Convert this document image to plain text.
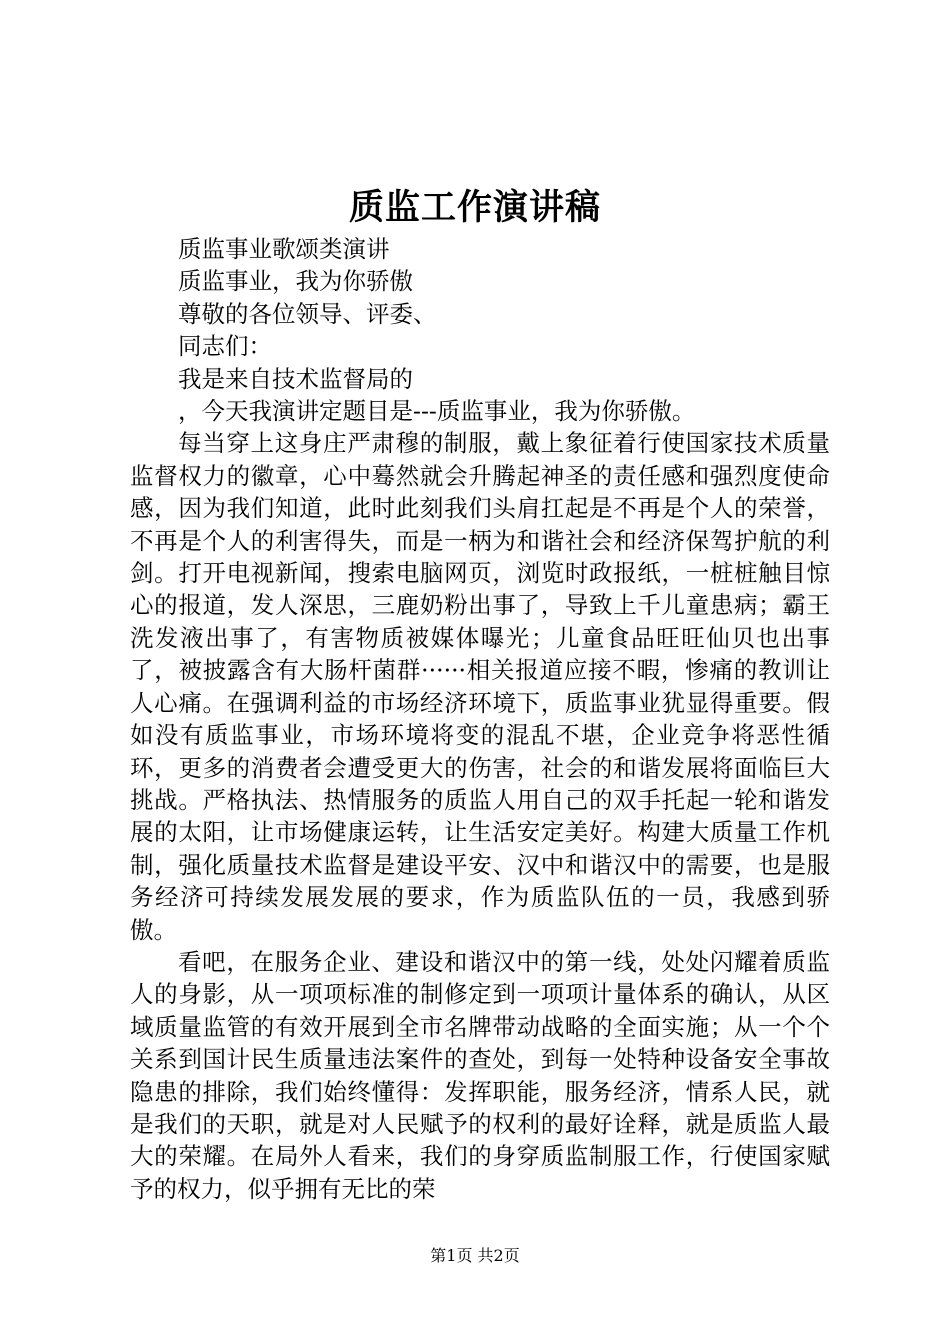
质监工作演讲稿

质监事业歌颂类演讲

质监事业，我为你骄傲

尊敬的各位领导、评委、

同志们：

我是来自技术监督局的

，今天我演讲定题目是---质监事业，我为你骄傲。

每当穿上这身庄严肃穆的制服，戴上象征着行使国家技术质量监督权力的徽章，心中蓦然就会升腾起神圣的责任感和强烈度使命感，因为我们知道，此时此刻我们头肩扛起是不再是个人的荣誉，不再是个人的利害得失，而是一柄为和谐社会和经济保驾护航的利剑。打开电视新闻，搜索电脑网页，浏览时政报纸，一桩桩触目惊心的报道，发人深思，三鹿奶粉出事了，导致上千儿童患病；霸王洗发液出事了，有害物质被媒体曝光；儿童食品旺旺仙贝也出事了，被披露含有大肠杆菌群······相关报道应接不暇，惨痛的教训让人心痛。在强调利益的市场经济环境下，质监事业犹显得重要。假如没有质监事业，市场环境将变的混乱不堪，企业竞争将恶性循环，更多的消费者会遭受更大的伤害，社会的和谐发展将面临巨大挑战。严格执法、热情服务的质监人用自己的双手托起一轮和谐发展的太阳，让市场健康运转，让生活安定美好。构建大质量工作机制，强化质量技术监督是建设平安、汉中和谐汉中的需要，也是服务经济可持续发展发展的要求，作为质监队伍的一员，我感到骄傲。

看吧，在服务企业、建设和谐汉中的第一线，处处闪耀着质监人的身影，从一项项标准的制修定到一项项计量体系的确认，从区域质量监管的有效开展到全市名牌带动战略的全面实施；从一个个关系到国计民生质量违法案件的查处，到每一处特种设备安全事故隐患的排除，我们始终懂得：发挥职能，服务经济，情系人民，就是我们的天职，就是对人民赋予的权利的最好诠释，就是质监人最大的荣耀。在局外人看来，我们的身穿质监制服工作，行使国家赋予的权力，似乎拥有无比的荣

第1页 共2页
